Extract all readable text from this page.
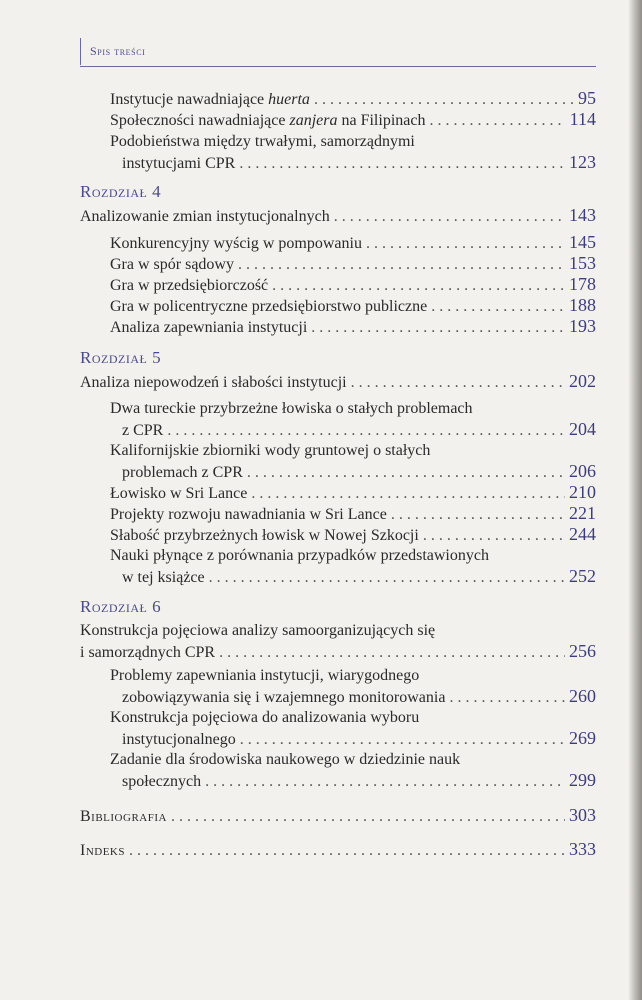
Spis treści
Instytucje nawadniające huerta . . .	95
Społeczności nawadniające zanjera na Filipinach . . .	114
Podobieństwa między trwałymi, samorządnymi
instytucjami CPR . . .	123
Rozdział 4
Analizowanie zmian instytucjonalnych . . .	143
Konkurencyjny wyścig w pompowaniu . . .	145
Gra w spór sądowy . . .	153
Gra w przedsiębiorczość . . .	178
Gra w policentryczne przedsiębiorstwo publiczne . . .	188
Analiza zapewniania instytucji . . .	193
Rozdział 5
Analiza niepowodzeń i słabości instytucji . . .	202
Dwa tureckie przybrzeżne łowiska o stałych problemach
z CPR . . .	204
Kalifornijskie zbiorniki wody gruntowej o stałych
problemach z CPR . . .	206
Łowisko w Sri Lance . . .	210
Projekty rozwoju nawadniania w Sri Lance . . .	221
Słabość przybrzeżnych łowisk w Nowej Szkocji . . .	244
Nauki płynące z porównania przypadków przedstawionych
w tej książce . . .	252
Rozdział 6
Konstrukcja pojęciowa analizy samoorganizujących się
i samorządnych CPR . . .	256
Problemy zapewniania instytucji, wiarygodnego
zobowiązywania się i wzajemnego monitorowania . . .	260
Konstrukcja pojęciowa do analizowania wyboru
instytucjonalnego . . .	269
Zadanie dla środowiska naukowego w dziedzinie nauk
społecznych . . .	299
Bibliografia . . .	303
Indeks . . .	333
